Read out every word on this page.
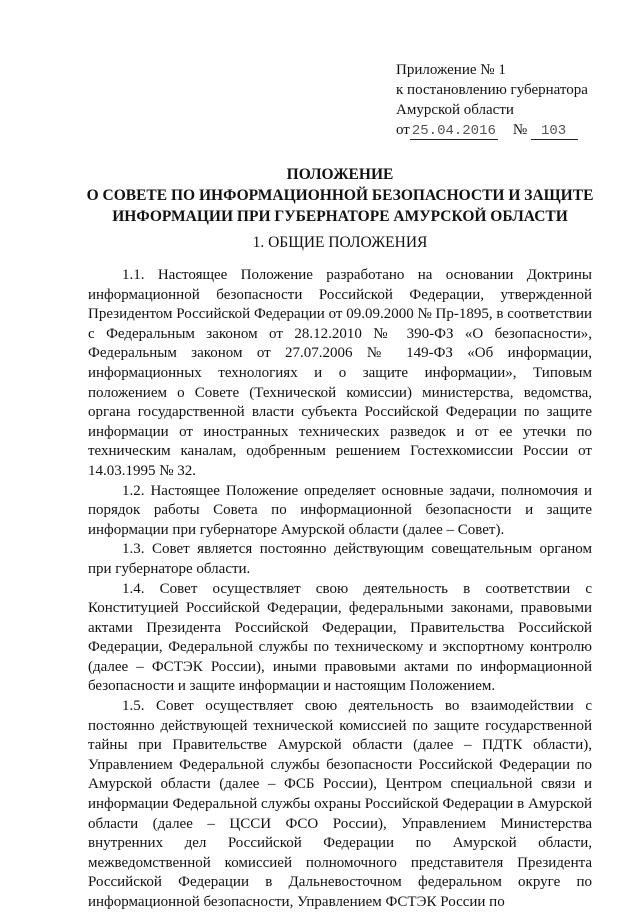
Приложение № 1
к постановлению губернатора
Амурской области
от 25.04.2016 № 103
ПОЛОЖЕНИЕ
О СОВЕТЕ ПО ИНФОРМАЦИОННОЙ БЕЗОПАСНОСТИ И ЗАЩИТЕ
ИНФОРМАЦИИ ПРИ ГУБЕРНАТОРЕ АМУРСКОЙ ОБЛАСТИ
1. ОБЩИЕ ПОЛОЖЕНИЯ

1.1. Настоящее Положение разработано на основании Доктрины информационной безопасности Российской Федерации, утвержденной Президентом Российской Федерации от 09.09.2000 № Пр-1895, в соответствии с Федеральным законом от 28.12.2010 № 390-ФЗ «О безопасности», Федеральным законом от 27.07.2006 № 149-ФЗ «Об информации, информационных технологиях и о защите информации», Типовым положением о Совете (Технической комиссии) министерства, ведомства, органа государственной власти субъекта Российской Федерации по защите информации от иностранных технических разведок и от ее утечки по техническим каналам, одобренным решением Гостехкомиссии России от 14.03.1995 № 32.

1.2. Настоящее Положение определяет основные задачи, полномочия и порядок работы Совета по информационной безопасности и защите информации при губернаторе Амурской области (далее – Совет).

1.3. Совет является постоянно действующим совещательным органом при губернаторе области.

1.4. Совет осуществляет свою деятельность в соответствии с Конституцией Российской Федерации, федеральными законами, правовыми актами Президента Российской Федерации, Правительства Российской Федерации, Федеральной службы по техническому и экспортному контролю (далее – ФСТЭК России), иными правовыми актами по информационной безопасности и защите информации и настоящим Положением.

1.5. Совет осуществляет свою деятельность во взаимодействии с постоянно действующей технической комиссией по защите государственной тайны при Правительстве Амурской области (далее – ПДТК области), Управлением Федеральной службы безопасности Российской Федерации по Амурской области (далее – ФСБ России), Центром специальной связи и информации Федеральной службы охраны Российской Федерации в Амурской области (далее – ЦССИ ФСО России), Управлением Министерства внутренних дел Российской Федерации по Амурской области, межведомственной комиссией полномочного представителя Президента Российской Федерации в Дальневосточном федеральном округе по информационной безопасности, Управлением ФСТЭК России по
